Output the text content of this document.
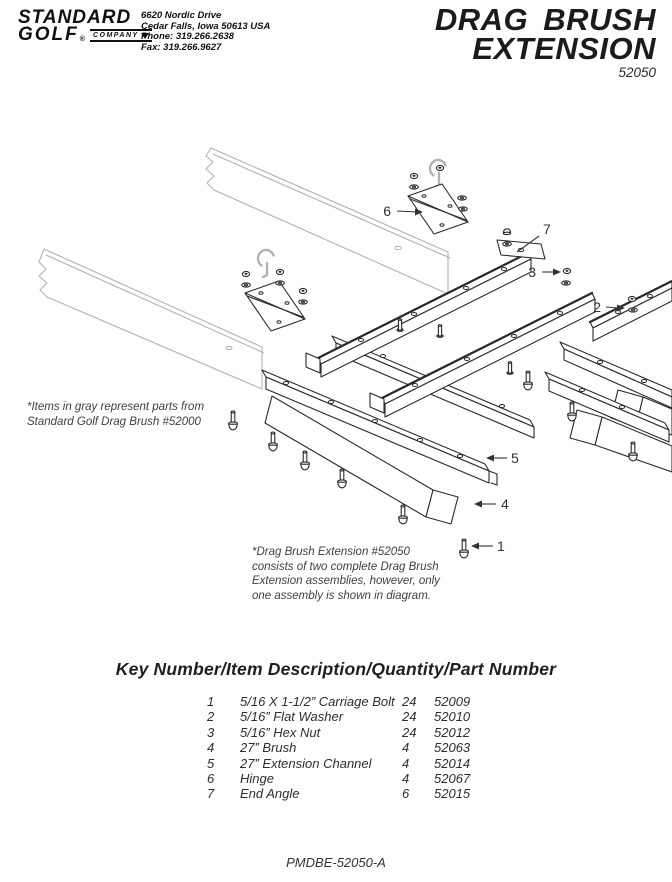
STANDARD
GOLF ®
COMPANY
6620 Nordic Drive
Cedar Falls, Iowa 50613 USA
Phone: 319.266.2638
Fax: 319.266.9627
DRAG BRUSH
EXTENSION
52050
6
7
3
2
5
4
1
*Items in gray represent parts from
Standard Golf Drag Brush #52000
*Drag Brush Extension #52050
consists of two complete Drag Brush
Extension assemblies, however, only
one assembly is shown in diagram.
Key Number/Item Description/Quantity/Part Number
1 5/16 X 1-1/2” Carriage Bolt 24 52009
2 5/16” Flat Washer	24 52010
3 5/16” Hex Nut	24 52012
4 27” Brush	4 52063
5 27” Extension Channel 4 52014
6 Hinge	4 52067
7 End Angle	6 52015
PMDBE-52050-A
